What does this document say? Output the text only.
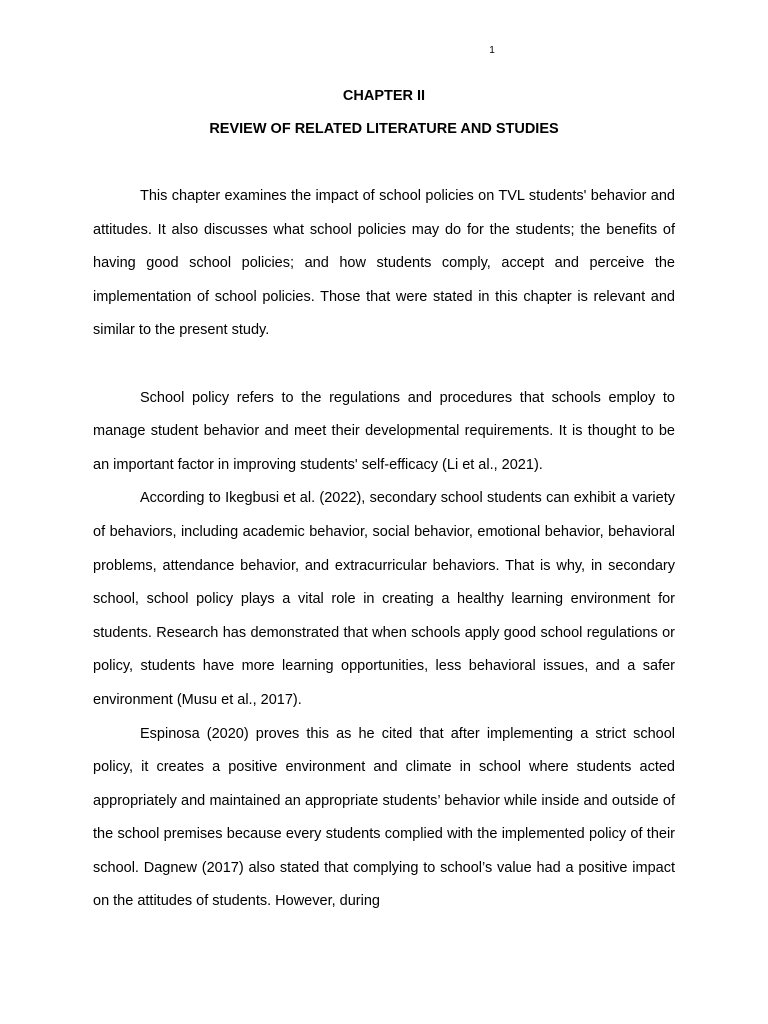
1
CHAPTER II
REVIEW OF RELATED LITERATURE AND STUDIES

This chapter examines the impact of school policies on TVL students' behavior and attitudes. It also discusses what school policies may do for the students; the benefits of having good school policies; and how students comply, accept and perceive the implementation of school policies. Those that were stated in this chapter is relevant and similar to the present study.

School policy refers to the regulations and procedures that schools employ to manage student behavior and meet their developmental requirements. It is thought to be an important factor in improving students' self-efficacy (Li et al., 2021).

According to Ikegbusi et al. (2022), secondary school students can exhibit a variety of behaviors, including academic behavior, social behavior, emotional behavior, behavioral problems, attendance behavior, and extracurricular behaviors. That is why, in secondary school, school policy plays a vital role in creating a healthy learning environment for students. Research has demonstrated that when schools apply good school regulations or policy, students have more learning opportunities, less behavioral issues, and a safer environment (Musu et al., 2017).

Espinosa (2020) proves this as he cited that after implementing a strict school policy, it creates a positive environment and climate in school where students acted appropriately and maintained an appropriate students’ behavior while inside and outside of the school premises because every students complied with the implemented policy of their school. Dagnew (2017) also stated that complying to school’s value had a positive impact on the attitudes of students. However, during
